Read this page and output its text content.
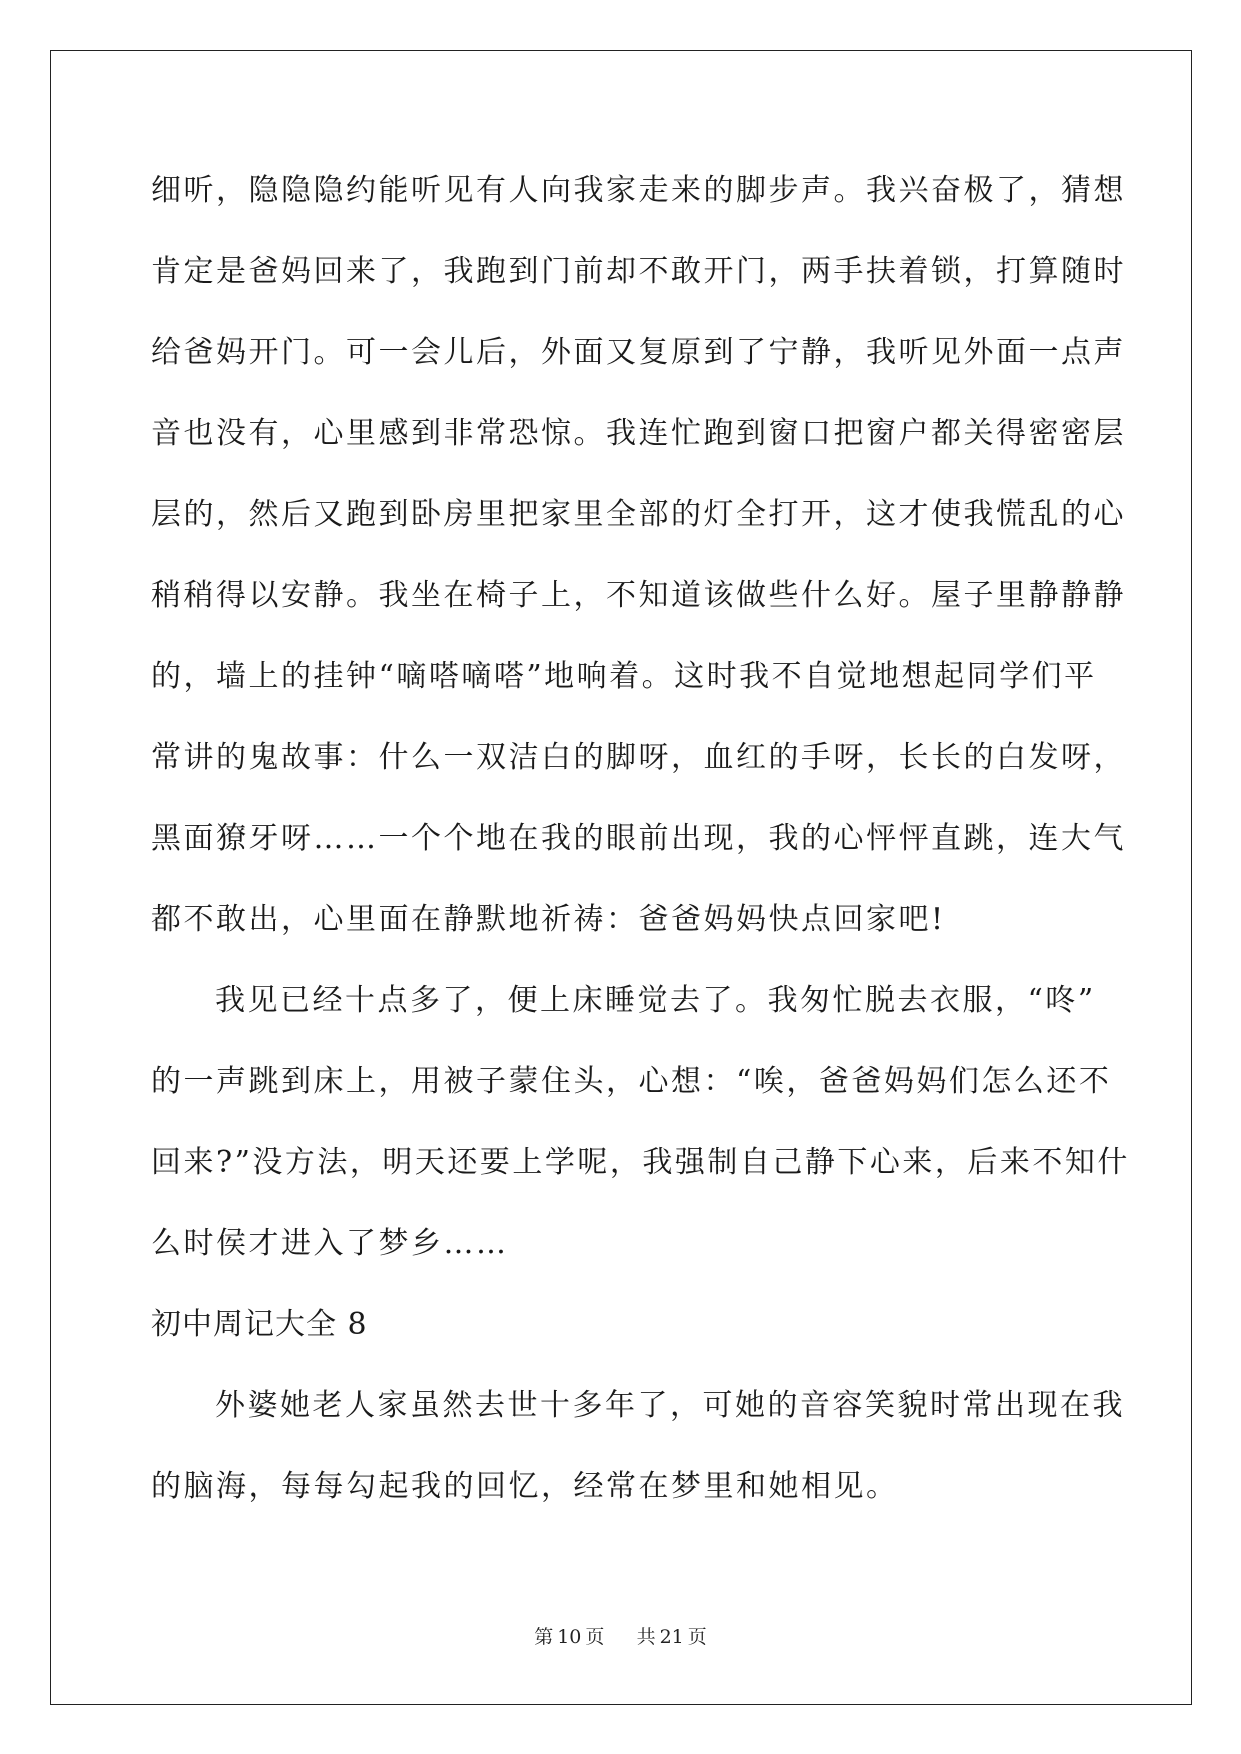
细听，隐隐隐约能听见有人向我家走来的脚步声。我兴奋极了，猜想
肯定是爸妈回来了，我跑到门前却不敢开门，两手扶着锁，打算随时
给爸妈开门。可一会儿后，外面又复原到了宁静，我听见外面一点声
音也没有，心里感到非常恐惊。我连忙跑到窗口把窗户都关得密密层
层的，然后又跑到卧房里把家里全部的灯全打开，这才使我慌乱的心
稍稍得以安静。我坐在椅子上，不知道该做些什么好。屋子里静静静
的，墙上的挂钟“嘀嗒嘀嗒”地响着。这时我不自觉地想起同学们平
常讲的鬼故事：什么一双洁白的脚呀，血红的手呀，长长的白发呀，
黑面獠牙呀……一个个地在我的眼前出现，我的心怦怦直跳，连大气
都不敢出，心里面在静默地祈祷：爸爸妈妈快点回家吧!
我见已经十点多了，便上床睡觉去了。我匆忙脱去衣服，“咚”
的一声跳到床上，用被子蒙住头，心想：“唉，爸爸妈妈们怎么还不
回来?”没方法，明天还要上学呢，我强制自己静下心来，后来不知什
么时侯才进入了梦乡……
初中周记大全 8
外婆她老人家虽然去世十多年了，可她的音容笑貌时常出现在我
的脑海，每每勾起我的回忆，经常在梦里和她相见。
第 10 页 共 21 页
